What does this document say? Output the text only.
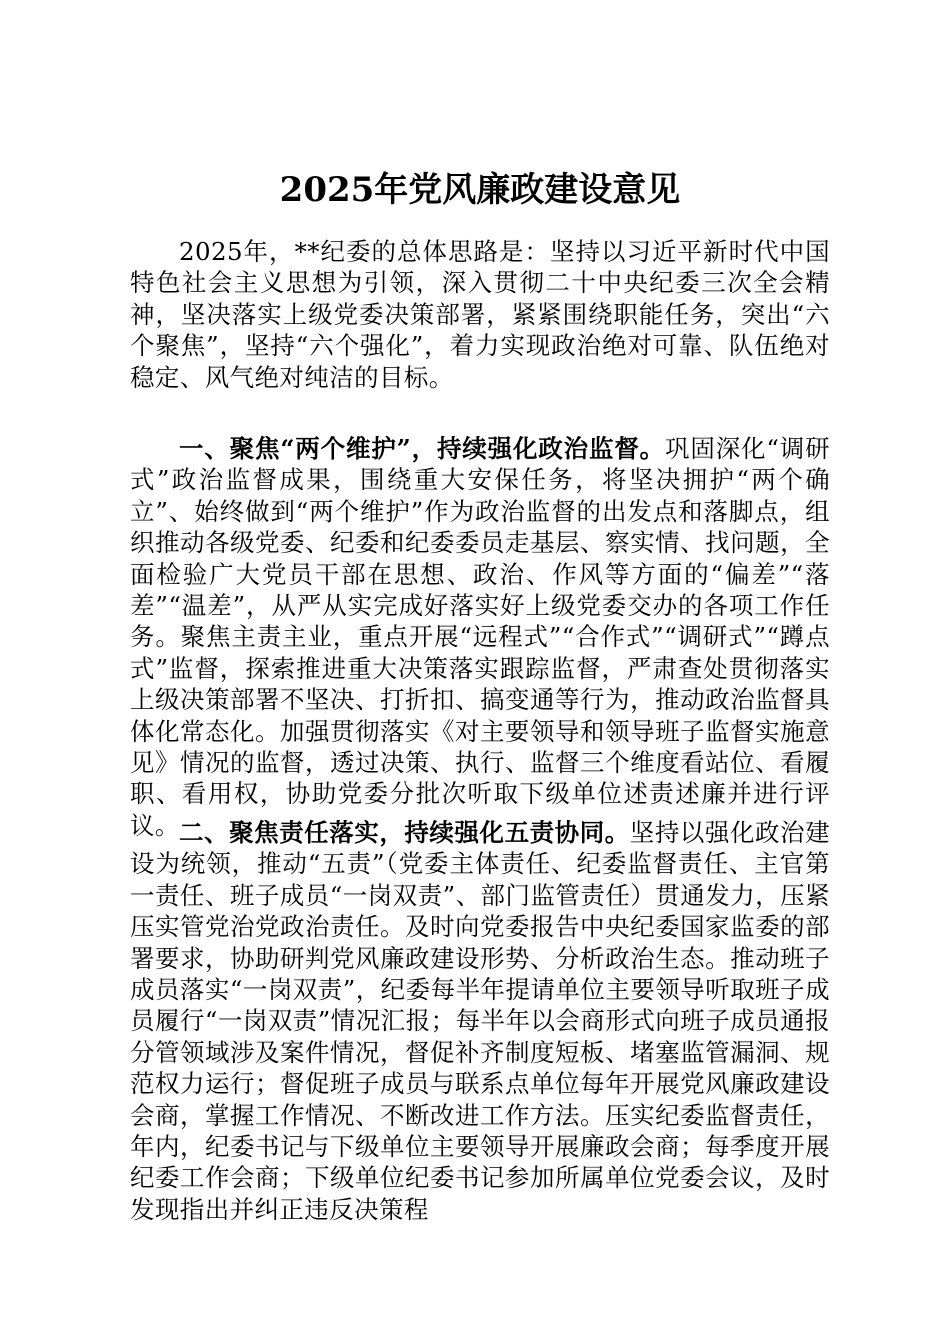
2025年党风廉政建设意见

2025年，**纪委的总体思路是：坚持以习近平新时代中国特色社会主义思想为引领，深入贯彻二十中央纪委三次全会精神，坚决落实上级党委决策部署，紧紧围绕职能任务，突出“六个聚焦”，坚持“六个强化”，着力实现政治绝对可靠、队伍绝对稳定、风气绝对纯洁的目标。

一、聚焦“两个维护”，持续强化政治监督。巩固深化“调研式”政治监督成果，围绕重大安保任务，将坚决拥护“两个确立”、始终做到“两个维护”作为政治监督的出发点和落脚点，组织推动各级党委、纪委和纪委委员走基层、察实情、找问题，全面检验广大党员干部在思想、政治、作风等方面的“偏差”“落差”“温差”，从严从实完成好落实好上级党委交办的各项工作任务。聚焦主责主业，重点开展“远程式”“合作式”“调研式”“蹲点式”监督，探索推进重大决策落实跟踪监督，严肃查处贯彻落实上级决策部署不坚决、打折扣、搞变通等行为，推动政治监督具体化常态化。加强贯彻落实《对主要领导和领导班子监督实施意见》情况的监督，透过决策、执行、监督三个维度看站位、看履职、看用权，协助党委分批次听取下级单位述责述廉并进行评议。 二、聚焦责任落实，持续强化五责协同。坚持以强化政治建设为统领，推动“五责”（党委主体责任、纪委监督责任、主官第一责任、班子成员“一岗双责”、部门监管责任）贯通发力，压紧压实管党治党政治责任。及时向党委报告中央纪委国家监委的部署要求，协助研判党风廉政建设形势、分析政治生态。推动班子成员落实“一岗双责”，纪委每半年提请单位主要领导听取班子成员履行“一岗双责”情况汇报；每半年以会商形式向班子成员通报分管领域涉及案件情况，督促补齐制度短板、堵塞监管漏洞、规范权力运行；督促班子成员与联系点单位每年开展党风廉政建设会商，掌握工作情况、不断改进工作方法。压实纪委监督责任，年内，纪委书记与下级单位主要领导开展廉政会商；每季度开展纪委工作会商；下级单位纪委书记参加所属单位党委会议，及时发现指出并纠正违反决策程
